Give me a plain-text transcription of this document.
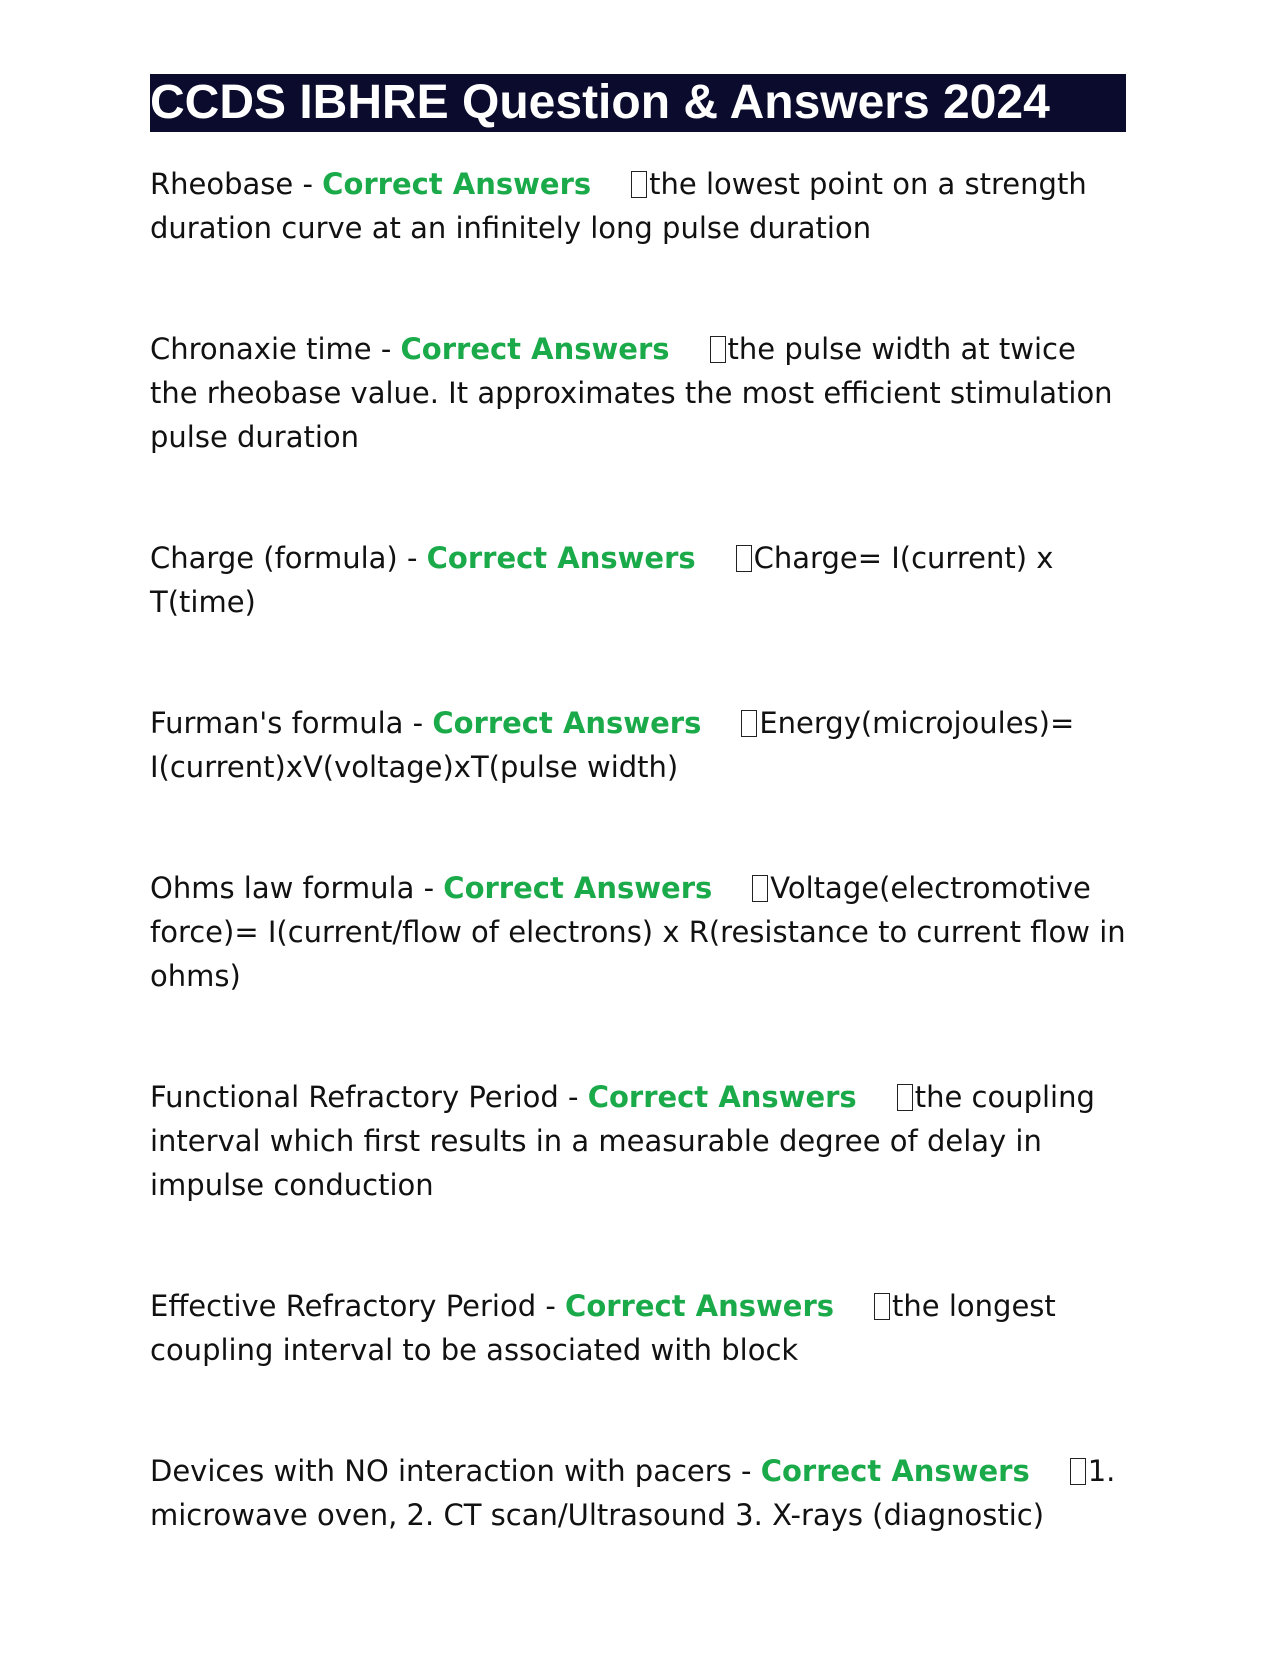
CCDS IBHRE Question & Answers 2024

Rheobase - Correct Answers the lowest point on a strength duration curve at an infinitely long pulse duration

Chronaxie time - Correct Answers the pulse width at twice the rheobase value. It approximates the most efficient stimulation pulse duration

Charge (formula) - Correct Answers Charge= I(current) x T(time)

Furman's formula - Correct Answers Energy(microjoules)= I(current)xV(voltage)xT(pulse width)

Ohms law formula - Correct Answers Voltage(electromotive force)= I(current/flow of electrons) x R(resistance to current flow in ohms)

Functional Refractory Period - Correct Answers the coupling interval which first results in a measurable degree of delay in impulse conduction

Effective Refractory Period - Correct Answers the longest coupling interval to be associated with block

Devices with NO interaction with pacers - Correct Answers 1. microwave oven, 2. CT scan/Ultrasound 3. X-rays (diagnostic)
